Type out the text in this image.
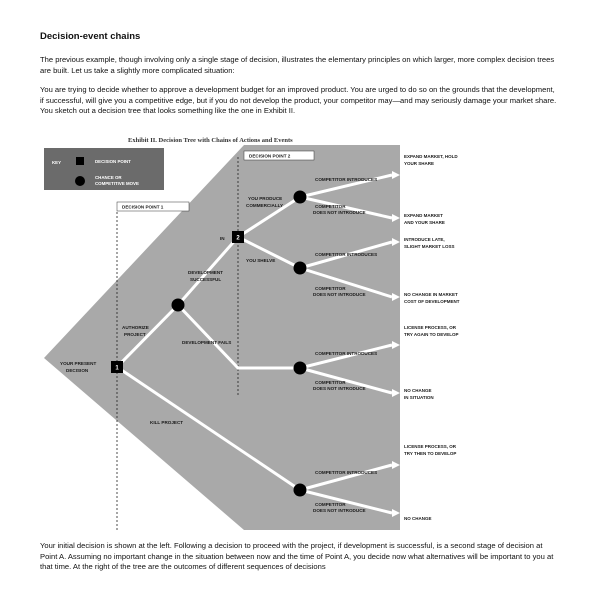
Decision-event chains

The previous example, though involving only a single stage of decision, illustrates the elementary principles on which larger, more complex decision trees are built. Let us take a slightly more complicated situation:

You are trying to decide whether to approve a development budget for an improved product. You are urged to do so on the grounds that the development, if successful, will give you a competitive edge, but if you do not develop the product, your competitor may—and may seriously damage your market share. You sketch out a decision tree that looks something like the one in Exhibit II.

Exhibit II. Decision Tree with Chains of Actions and Events
KEY	DECISION POINT
CHANCE OR
COMPETITIVE MOVE
DECISION POINT 1
DECISION POINT 2
1
2
YOUR PRESENT
DECISION
AUTHORIZE
PROJECT
KILL PROJECT
DEVELOPMENT
SUCCESSFUL
DEVELOPMENT FAILS
IN
YOU PRODUCE
COMMERCIALLY
YOU SHELVE
COMPETITOR INTRODUCES
COMPETITOR
DOES NOT INTRODUCE
COMPETITOR INTRODUCES
COMPETITOR
DOES NOT INTRODUCE
COMPETITOR INTRODUCES
COMPETITOR
DOES NOT INTRODUCE
COMPETITOR INTRODUCES
COMPETITOR
DOES NOT INTRODUCE
EXPAND MARKET, HOLD
YOUR SHARE
EXPAND MARKET
AND YOUR SHARE
INTRODUCE LATE,
SLIGHT MARKET LOSS
NO CHANGE IN MARKET
COST OF DEVELOPMENT
LICENSE PROCESS, OR
TRY AGAIN TO DEVELOP
NO CHANGE
IN SITUATION
LICENSE PROCESS, OR
TRY THEN TO DEVELOP
NO CHANGE

Your initial decision is shown at the left. Following a decision to proceed with the project, if development is successful, is a second stage of decision at Point A. Assuming no important change in the situation between now and the time of Point A, you decide now what alternatives will be important to you at that time. At the right of the tree are the outcomes of different sequences of decisions
